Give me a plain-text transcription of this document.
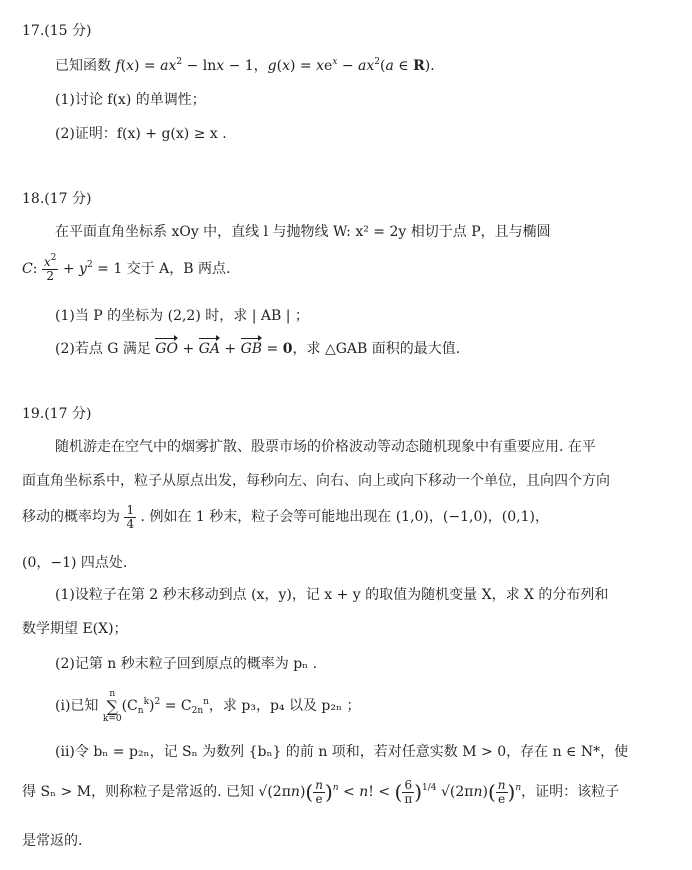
17.(15 分)
已知函数 $f(x) = ax^2 - \ln x - 1$，$g(x) = xe^x - ax^2(a$ ∈ R).
(1)讨论 f(x) 的单调性；
(2)证明：f(x) + g(x) ≥ x .
18.(17 分)
在平面直角坐标系 xOy 中，直线 l 与抛物线 W: x² = 2y 相切于点 P，且与椭圆
C: $\frac{x^2}{2} + y^2 = 1$ 交于 A，B 两点.
(1)当 P 的坐标为 (2,2) 时，求 | AB | ；
(2)若点 G 满足 GO + GA + GB = 0，求 △GAB 面积的最大值.
19.(17 分)
随机游走在空气中的烟雾扩散、股票市场的价格波动等动态随机现象中有重要应用. 在平
面直角坐标系中，粒子从原点出发，每秒向左、向右、向上或向下移动一个单位，且向四个方向
移动的概率均为 $\frac{1}{4}$ . 例如在 1 秒末，粒子会等可能地出现在 (1,0)，(−1,0)，(0,1)，
(0，−1) 四点处.
(1)设粒子在第 2 秒末移动到点 (x，y)，记 x + y 的取值为随机变量 X，求 X 的分布列和
数学期望 E(X)；
(2)记第 n 秒末粒子回到原点的概率为 pₙ .
(i)已知 n
∑
$k=0(C_n^k)^2 = C_{2n}^n$，求 p₃，p₄ 以及 p₂ₙ ；
(ii)令 bₙ = p₂ₙ，记 Sₙ 为数列 {bₙ} 的前 n 项和，若对任意实数 M > 0，存在 n ∈ N*，使
得 Sₙ > M，则称粒子是常返的. 已知 $√(2\pi n)( \frac{n}{e} )^n < n$! < ( $\frac{6}{\pi} )^{1/4}$ $√(2\pi n)( \frac{n}{e} )^n$，证明：该粒子
是常返的.
